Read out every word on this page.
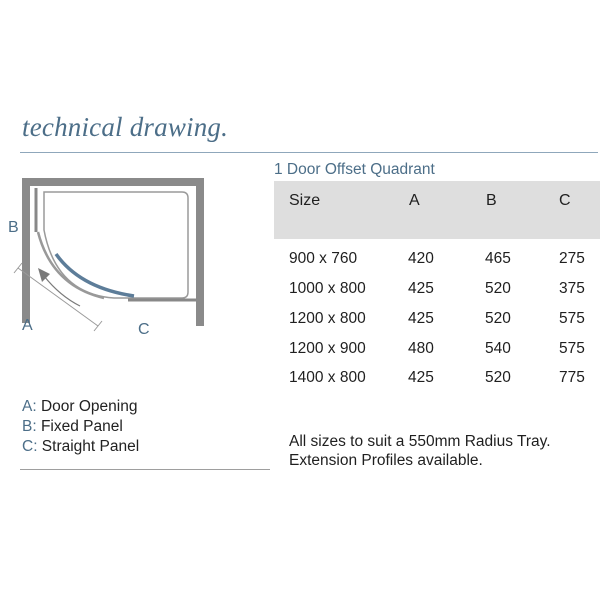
technical drawing.
B
A	C
A: Door Opening
B: Fixed Panel
C: Straight Panel
1 Door Offset Quadrant
Size	A	B	C
900 x 760	420	465	275
1000 x 800	425	520	375
1200 x 800	425	520	575
1200 x 900	480	540	575
1400 x 800	425	520	775
All sizes to suit a 550mm Radius Tray.
Extension Profiles available.
